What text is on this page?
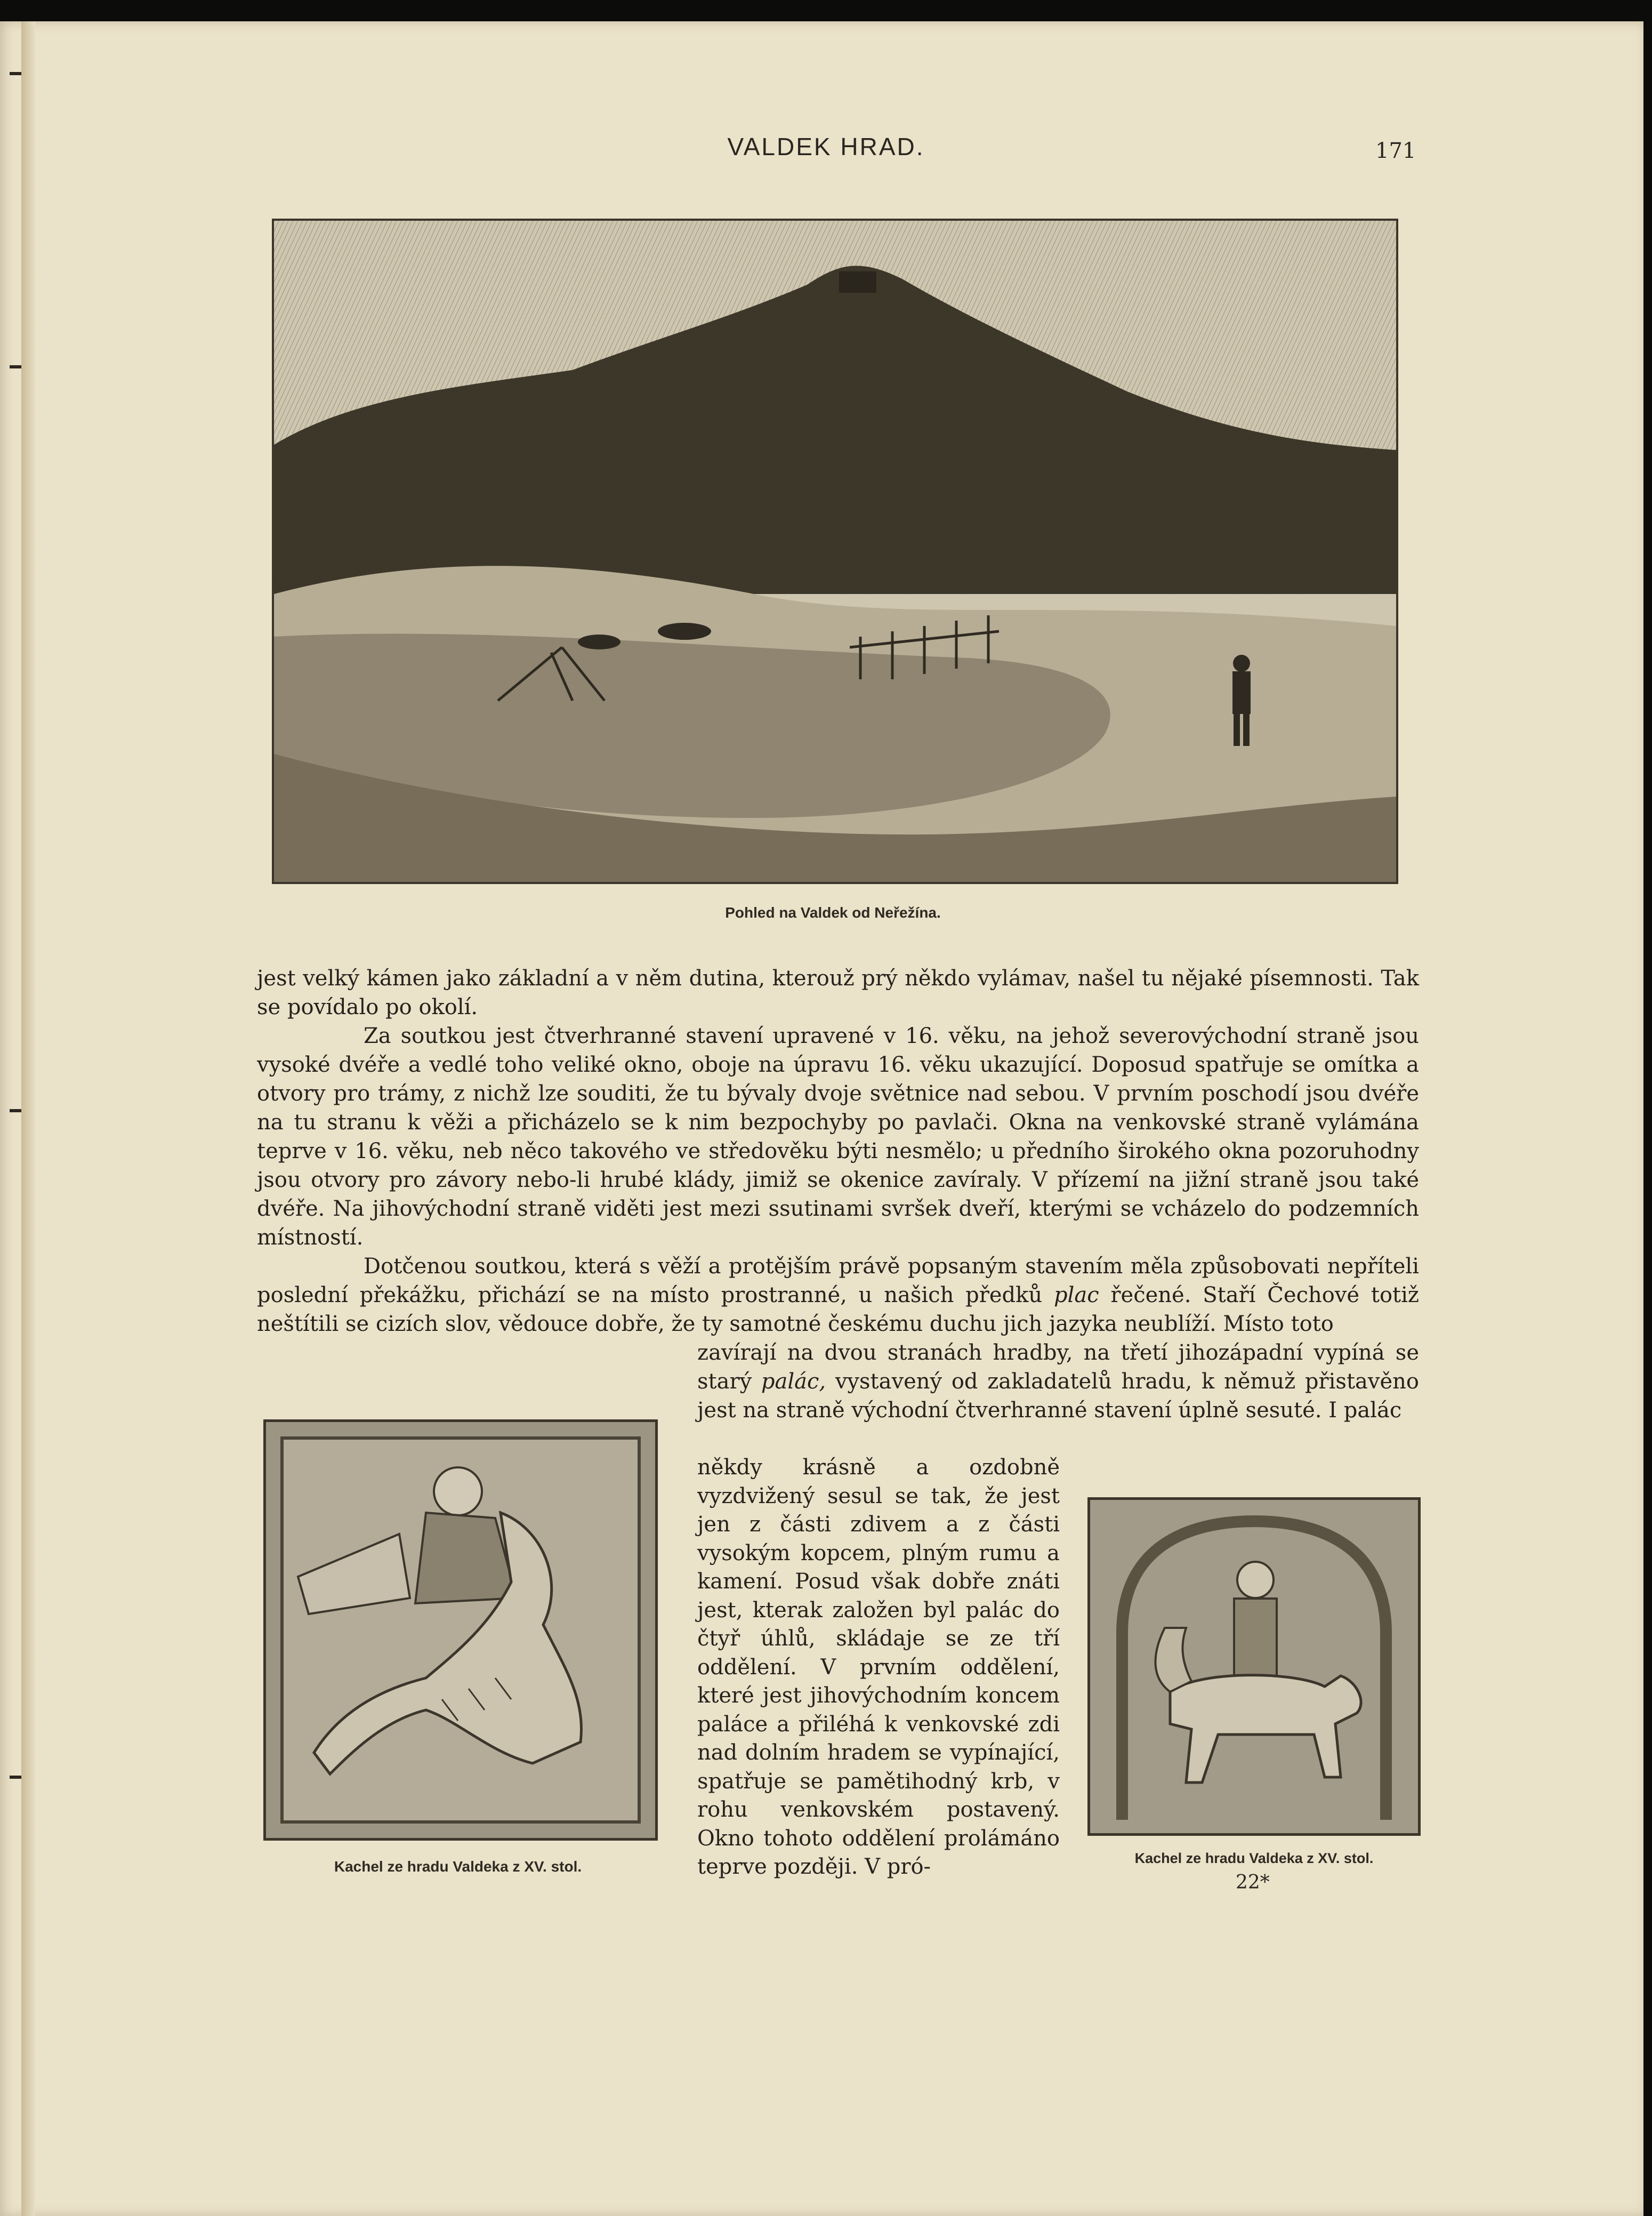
VALDEK HRAD.	171

Pohled na Valdek od Neřežína.

jest velký kámen jako základní a v něm dutina, kterouž prý někdo vylámav, našel tu nějaké písemnosti. Tak se povídalo po okolí.

Za soutkou jest čtverhranné stavení upravené v 16. věku, na jehož severovýchodní straně jsou vysoké dvéře a vedlé toho veliké okno, oboje na úpravu 16. věku ukazující. Doposud spatřuje se omítka a otvory pro trámy, z nichž lze souditi, že tu bývaly dvoje světnice nad sebou. V prvním poschodí jsou dvéře na tu stranu k věži a přicházelo se k nim bezpochyby po pavlači. Okna na venkovské straně vylámána teprve v 16. věku, neb něco takového ve středověku býti nesmělo; u předního širokého okna pozoruhodny jsou otvory pro závory nebo-li hrubé klády, jimiž se okenice zavíraly. V přízemí na jižní straně jsou také dvéře. Na jihovýchodní straně viděti jest mezi ssutinami svršek dveří, kterými se vcházelo do podzemních místností.

Dotčenou soutkou, která s věží a protějším právě popsaným stavením měla způsobovati nepříteli poslední překážku, přichází se na místo prostranné, u našich předků plac řečené. Staří Čechové totiž neštítili se cizích slov, vědouce dobře, že ty samotné českému duchu jich jazyka neublíží. Místo toto

zavírají na dvou stranách hradby, na třetí jihozápadní vypíná se starý palác, vystavený od zakladatelů hradu, k němuž přistavěno jest na straně východní čtverhranné stavení úplně sesuté. I palác

někdy krásně a ozdobně vyzdvižený sesul se tak, že jest jen z části zdivem a z části vysokým kopcem, plným rumu a kamení. Posud však dobře znáti jest, kterak založen byl palác do čtyř úhlů, skládaje se ze tří oddělení. V prvním oddělení, které jest jihovýchodním koncem paláce a přiléhá k venkovské zdi nad dolním hradem se vypínající, spatřuje se pamětihodný krb, v rohu venkovském postavený. Okno tohoto oddělení prolámáno teprve později. V pró-

Kachel ze hradu Valdeka z XV. stol.	Kachel ze hradu Valdeka z XV. stol.

22*
